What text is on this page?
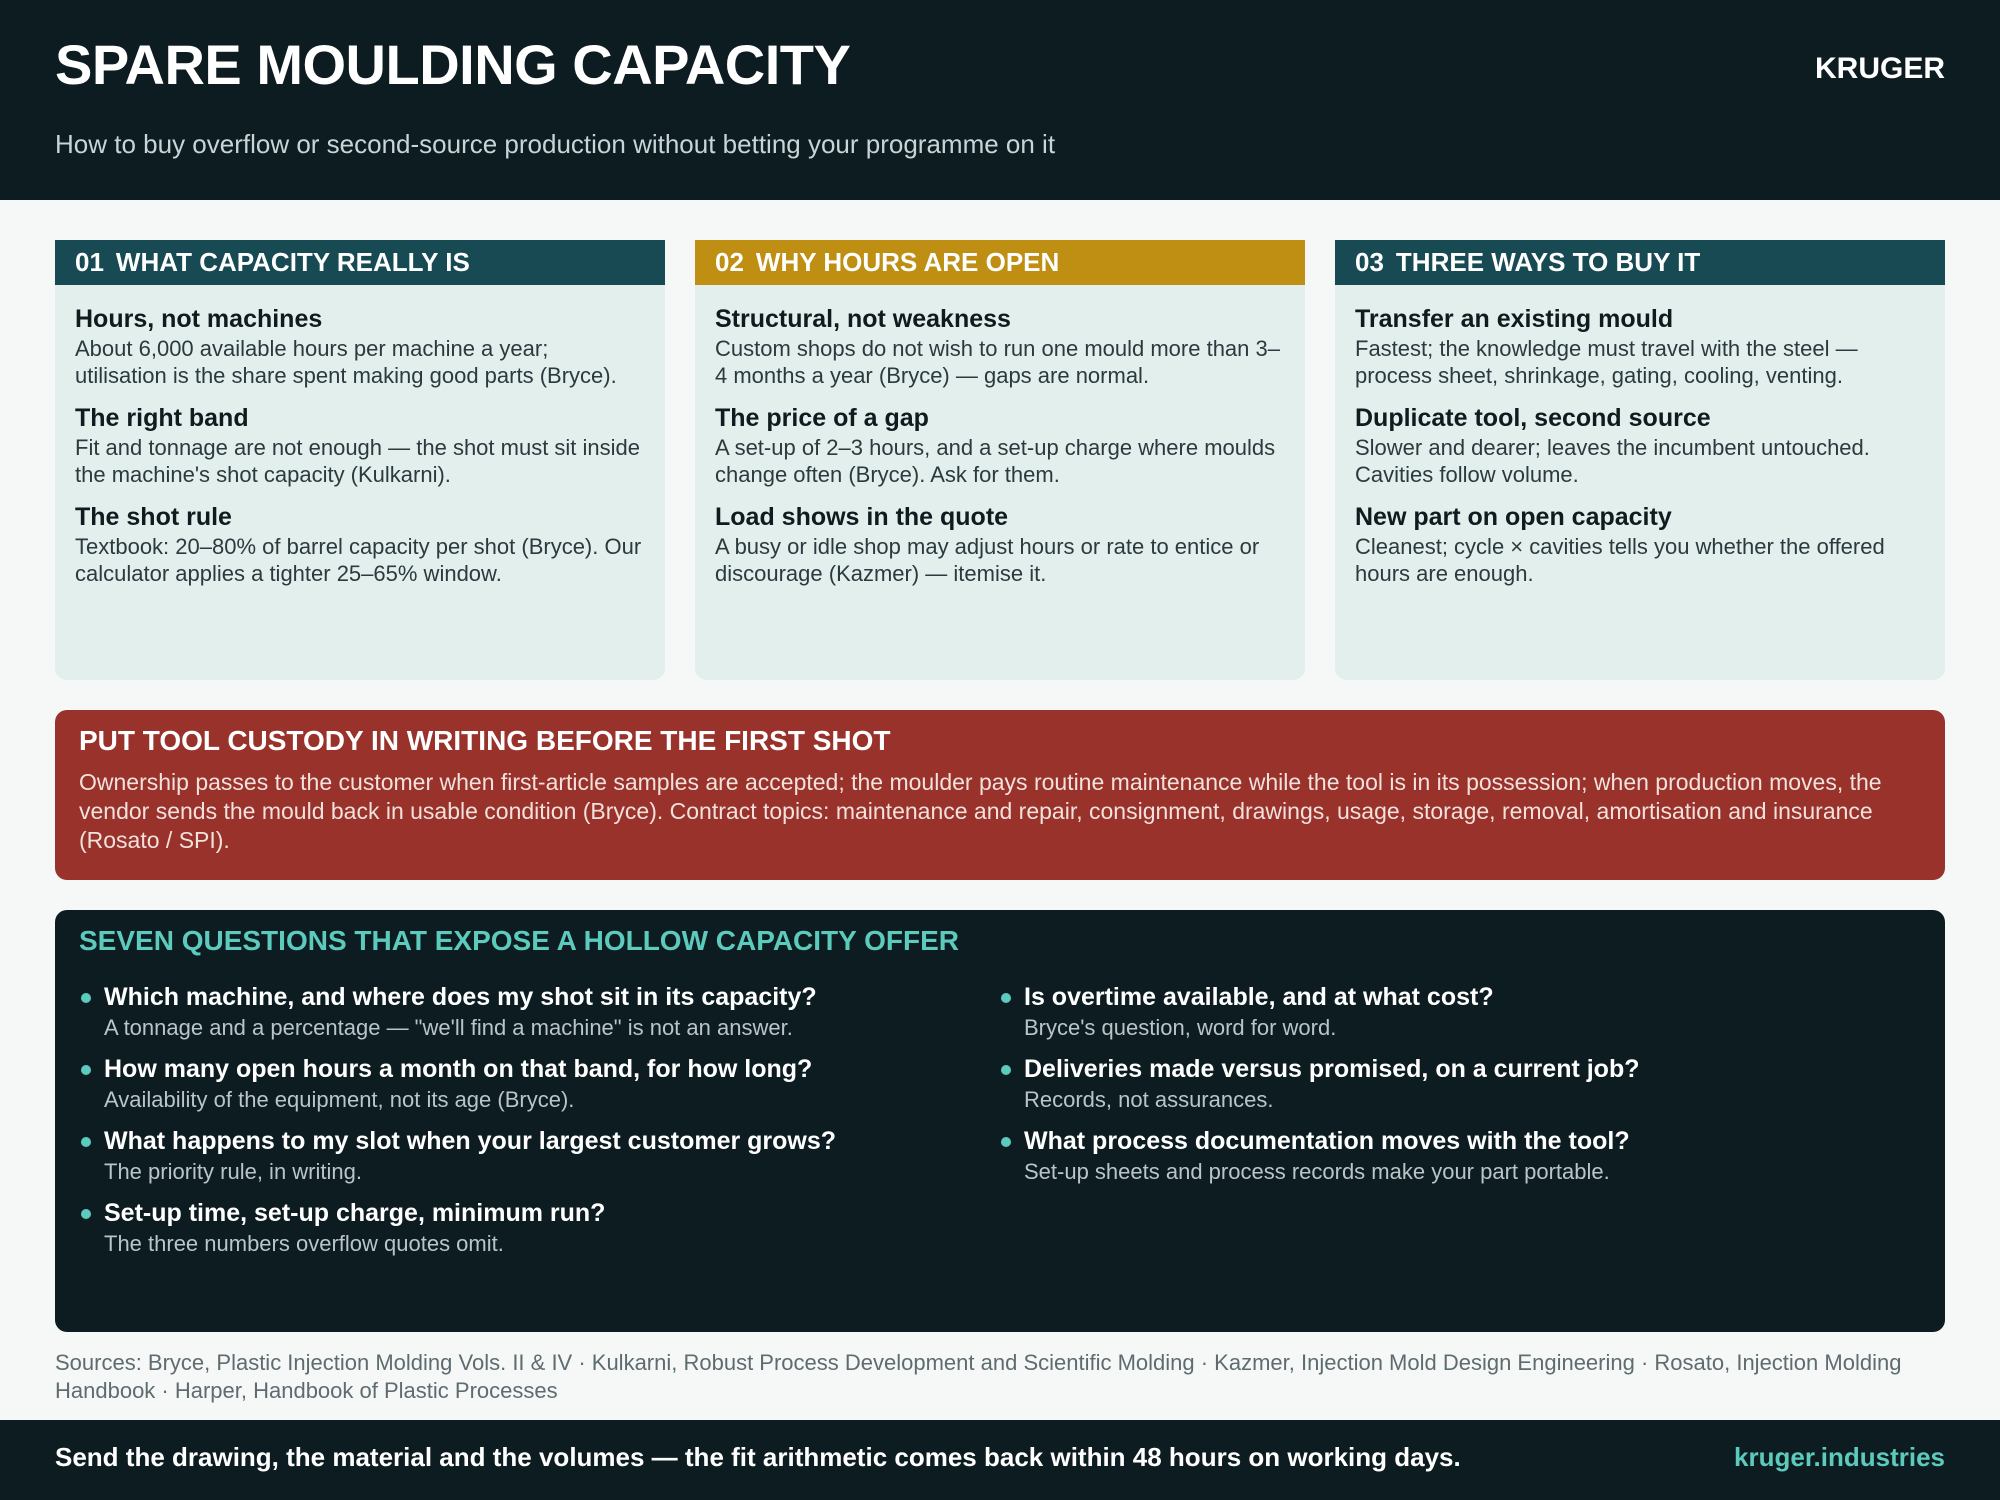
SPARE MOULDING CAPACITY	KRUGER
How to buy overflow or second-source production without betting your programme on it
01 WHAT CAPACITY REALLY IS
Hours, not machines
About 6,000 available hours per machine a year; utilisation is the share spent making good parts (Bryce).
The right band
Fit and tonnage are not enough — the shot must sit inside the machine's shot capacity (Kulkarni).
The shot rule
Textbook: 20–80% of barrel capacity per shot (Bryce). Our calculator applies a tighter 25–65% window.
02 WHY HOURS ARE OPEN
Structural, not weakness
Custom shops do not wish to run one mould more than 3–4 months a year (Bryce) — gaps are normal.
The price of a gap
A set-up of 2–3 hours, and a set-up charge where moulds change often (Bryce). Ask for them.
Load shows in the quote
A busy or idle shop may adjust hours or rate to entice or discourage (Kazmer) — itemise it.
03 THREE WAYS TO BUY IT
Transfer an existing mould
Fastest; the knowledge must travel with the steel — process sheet, shrinkage, gating, cooling, venting.
Duplicate tool, second source
Slower and dearer; leaves the incumbent untouched. Cavities follow volume.
New part on open capacity
Cleanest; cycle × cavities tells you whether the offered hours are enough.
PUT TOOL CUSTODY IN WRITING BEFORE THE FIRST SHOT
Ownership passes to the customer when first-article samples are accepted; the moulder pays routine maintenance while the tool is in its possession; when production moves, the vendor sends the mould back in usable condition (Bryce). Contract topics: maintenance and repair, consignment, drawings, usage, storage, removal, amortisation and insurance (Rosato / SPI).
SEVEN QUESTIONS THAT EXPOSE A HOLLOW CAPACITY OFFER
Which machine, and where does my shot sit in its capacity?
A tonnage and a percentage — "we'll find a machine" is not an answer.
How many open hours a month on that band, for how long?
Availability of the equipment, not its age (Bryce).
What happens to my slot when your largest customer grows?
The priority rule, in writing.
Set-up time, set-up charge, minimum run?
The three numbers overflow quotes omit.
Is overtime available, and at what cost?
Bryce's question, word for word.
Deliveries made versus promised, on a current job?
Records, not assurances.
What process documentation moves with the tool?
Set-up sheets and process records make your part portable.
Sources: Bryce, Plastic Injection Molding Vols. II & IV · Kulkarni, Robust Process Development and Scientific Molding · Kazmer, Injection Mold Design Engineering · Rosato, Injection Molding Handbook · Harper, Handbook of Plastic Processes
Send the drawing, the material and the volumes — the fit arithmetic comes back within 48 hours on working days.	kruger.industries
